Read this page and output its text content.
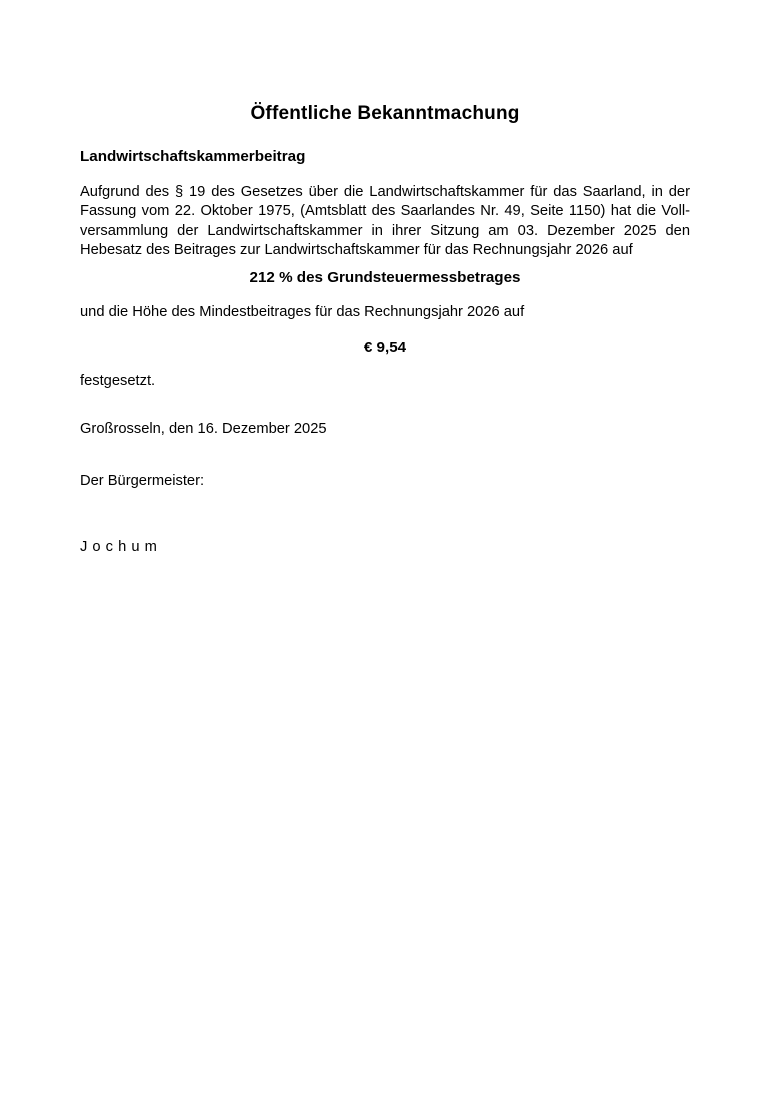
Öffentliche Bekanntmachung
Landwirtschaftskammerbeitrag
Aufgrund des § 19 des Gesetzes über die Landwirtschaftskammer für das Saarland, in der
Fassung vom 22. Oktober 1975, (Amtsblatt des Saarlandes Nr. 49, Seite 1150) hat die Voll-
versammlung der Landwirtschaftskammer in ihrer Sitzung am 03. Dezember 2025 den
Hebesatz des Beitrages zur Landwirtschaftskammer für das Rechnungsjahr 2026 auf
212 % des Grundsteuermessbetrages
und die Höhe des Mindestbeitrages für das Rechnungsjahr 2026 auf
€ 9,54
festgesetzt.
Großrosseln, den 16. Dezember 2025
Der Bürgermeister:
J o c h u m
